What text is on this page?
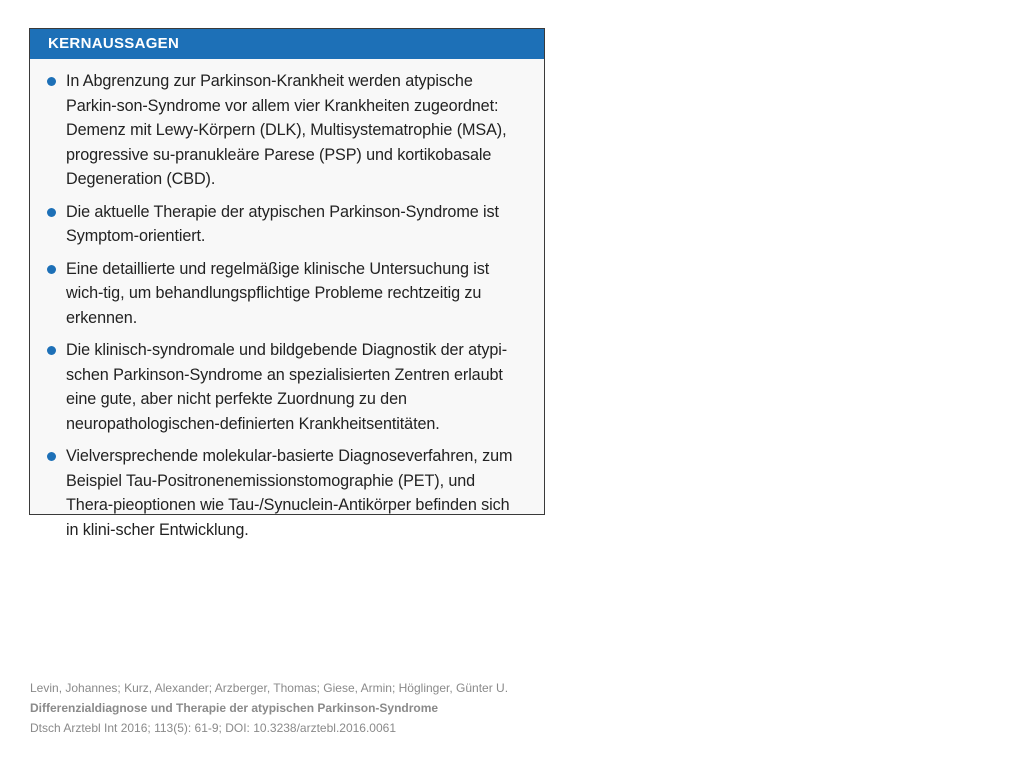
KERNAUSSAGEN
In Abgrenzung zur Parkinson-Krankheit werden atypische Parkin-son-Syndrome vor allem vier Krankheiten zugeordnet: Demenz mit Lewy-Körpern (DLK), Multisystematrophie (MSA), progressive su-pranukleäre Parese (PSP) und kortikobasale Degeneration (CBD).
Die aktuelle Therapie der atypischen Parkinson-Syndrome ist Symptom-orientiert.
Eine detaillierte und regelmäßige klinische Untersuchung ist wich-tig, um behandlungspflichtige Probleme rechtzeitig zu erkennen.
Die klinisch-syndromale und bildgebende Diagnostik der atypi-schen Parkinson-Syndrome an spezialisierten Zentren erlaubt eine gute, aber nicht perfekte Zuordnung zu den neuropathologischen-definierten Krankheitsentitäten.
Vielversprechende molekular-basierte Diagnoseverfahren, zum Beispiel Tau-Positronenemissionstomographie (PET), und Thera-pieoptionen wie Tau-/Synuclein-Antikörper befinden sich in klini-scher Entwicklung.
Levin, Johannes; Kurz, Alexander; Arzberger, Thomas; Giese, Armin; Höglinger, Günter U.
Differenzialdiagnose und Therapie der atypischen Parkinson-Syndrome
Dtsch Arztebl Int 2016; 113(5): 61-9; DOI: 10.3238/arztebl.2016.0061
